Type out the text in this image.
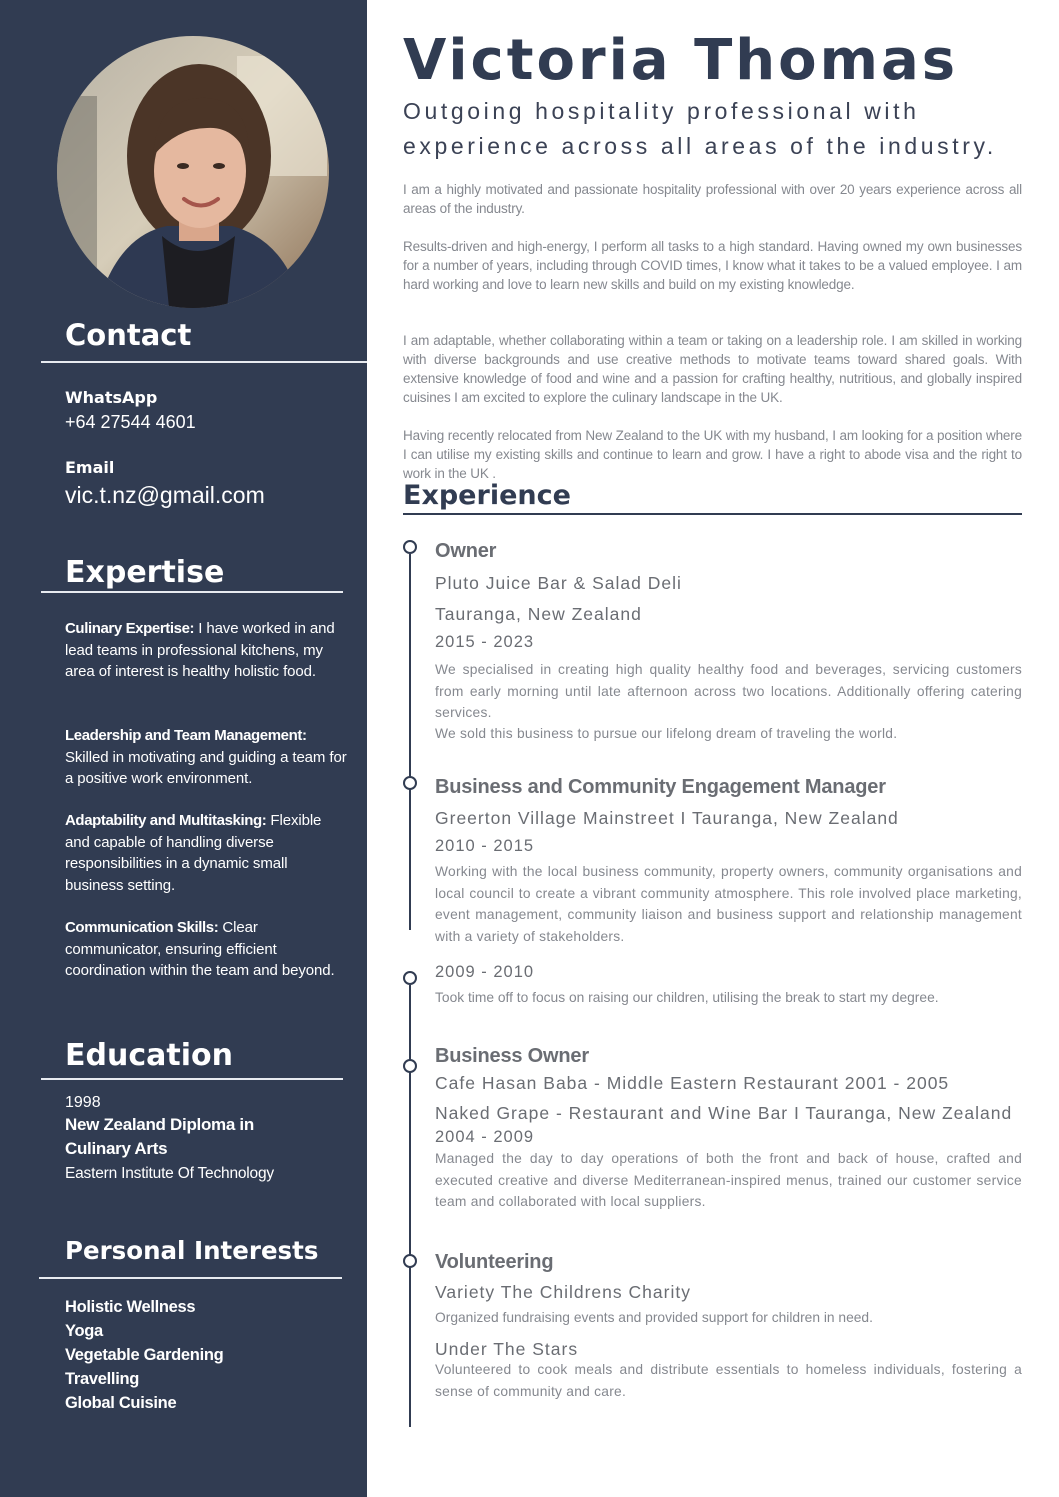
Contact
WhatsApp
+64 27544 4601
Email
vic.t.nz@gmail.com
Expertise
Culinary Expertise: I have worked in and lead teams in professional kitchens, my area of interest is healthy holistic food.
Leadership and Team Management: Skilled in motivating and guiding a team for a positive work environment.
Adaptability and Multitasking: Flexible and capable of handling diverse responsibilities in a dynamic small business setting.
Communication Skills: Clear communicator, ensuring efficient coordination within the team and beyond.
Education
1998
New Zealand Diploma in
Culinary Arts
Eastern Institute Of Technology
Personal Interests
Holistic Wellness
Yoga
Vegetable Gardening
Travelling
Global Cuisine
Victoria Thomas
Outgoing hospitality professional with
experience across all areas of the industry.
I am a highly motivated and passionate hospitality professional with over 20 years experience across all areas of the industry.
Results-driven and high-energy, I perform all tasks to a high standard. Having owned my own businesses for a number of years, including through COVID times, I know what it takes to be a valued employee. I am hard working and love to learn new skills and build on my existing knowledge.
I am adaptable, whether collaborating within a team or taking on a leadership role. I am skilled in working with diverse backgrounds and use creative methods to motivate teams toward shared goals. With extensive knowledge of food and wine and a passion for crafting healthy, nutritious, and globally inspired cuisines I am excited to explore the culinary landscape in the UK.
Having recently relocated from New Zealand to the UK with my husband, I am looking for a position where I can utilise my existing skills and continue to learn and grow. I have a right to abode visa and the right to work in the UK .
Experience
Owner
Pluto Juice Bar & Salad Deli
Tauranga, New Zealand
2015 - 2023
We specialised in creating high quality healthy food and beverages, servicing customers from early morning until late afternoon across two locations. Additionally offering catering services.
We sold this business to pursue our lifelong dream of traveling the world.
Business and Community Engagement Manager
Greerton Village Mainstreet I Tauranga, New Zealand
2010 - 2015
Working with the local business community, property owners, community organisations and local council to create a vibrant community atmosphere. This role involved place marketing, event management, community liaison and business support and relationship management with a variety of stakeholders.
2009 - 2010
Took time off to focus on raising our children, utilising the break to start my degree.
Business Owner
Cafe Hasan Baba - Middle Eastern Restaurant 2001 - 2005
Naked Grape - Restaurant and Wine Bar I Tauranga, New Zealand
2004 - 2009
Managed the day to day operations of both the front and back of house, crafted and executed creative and diverse Mediterranean-inspired menus, trained our customer service team and collaborated with local suppliers.
Volunteering
Variety The Childrens Charity
Organized fundraising events and provided support for children in need.
Under The Stars
Volunteered to cook meals and distribute essentials to homeless individuals, fostering a sense of community and care.
